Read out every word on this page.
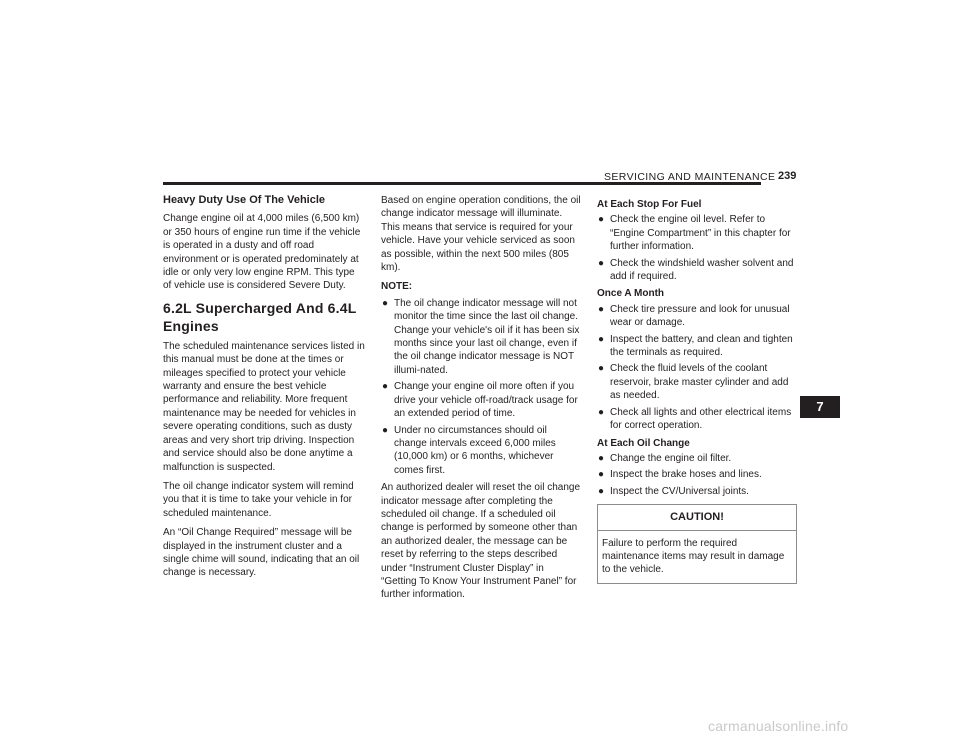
SERVICING AND MAINTENANCE 239
Heavy Duty Use Of The Vehicle

Change engine oil at 4,000 miles (6,500 km) or 350 hours of engine run time if the vehicle is operated in a dusty and off road environment or is operated predominately at idle or only very low engine RPM. This type of vehicle use is considered Severe Duty.

6.2L Supercharged And 6.4L Engines

The scheduled maintenance services listed in this manual must be done at the times or mileages specified to protect your vehicle warranty and ensure the best vehicle performance and reliability. More frequent maintenance may be needed for vehicles in severe operating conditions, such as dusty areas and very short trip driving. Inspection and service should also be done anytime a malfunction is suspected.

The oil change indicator system will remind you that it is time to take your vehicle in for scheduled maintenance.

An “Oil Change Required” message will be displayed in the instrument cluster and a single chime will sound, indicating that an oil change is necessary.

Based on engine operation conditions, the oil change indicator message will illuminate. This means that service is required for your vehicle. Have your vehicle serviced as soon as possible, within the next 500 miles (805 km).

NOTE:
● The oil change indicator message will not monitor the time since the last oil change. Change your vehicle's oil if it has been six months since your last oil change, even if the oil change indicator message is NOT illumi-nated.
● Change your engine oil more often if you drive your vehicle off-road/track usage for an extended period of time.
● Under no circumstances should oil change intervals exceed 6,000 miles (10,000 km) or 6 months, whichever comes first.

An authorized dealer will reset the oil change indicator message after completing the scheduled oil change. If a scheduled oil change is performed by someone other than an authorized dealer, the message can be reset by referring to the steps described under “Instrument Cluster Display” in “Getting To Know Your Instrument Panel” for further information.

At Each Stop For Fuel
● Check the engine oil level. Refer to “Engine Compartment” in this chapter for further information.
● Check the windshield washer solvent and add if required.
Once A Month
● Check tire pressure and look for unusual wear or damage.
● Inspect the battery, and clean and tighten the terminals as required.
● Check the fluid levels of the coolant reservoir, brake master cylinder and add as needed.
● Check all lights and other electrical items for correct operation.
At Each Oil Change
● Change the engine oil filter.
● Inspect the brake hoses and lines.
● Inspect the CV/Universal joints.
CAUTION!
Failure to perform the required maintenance items may result in damage to the vehicle.
7
carmanualsonline.info
